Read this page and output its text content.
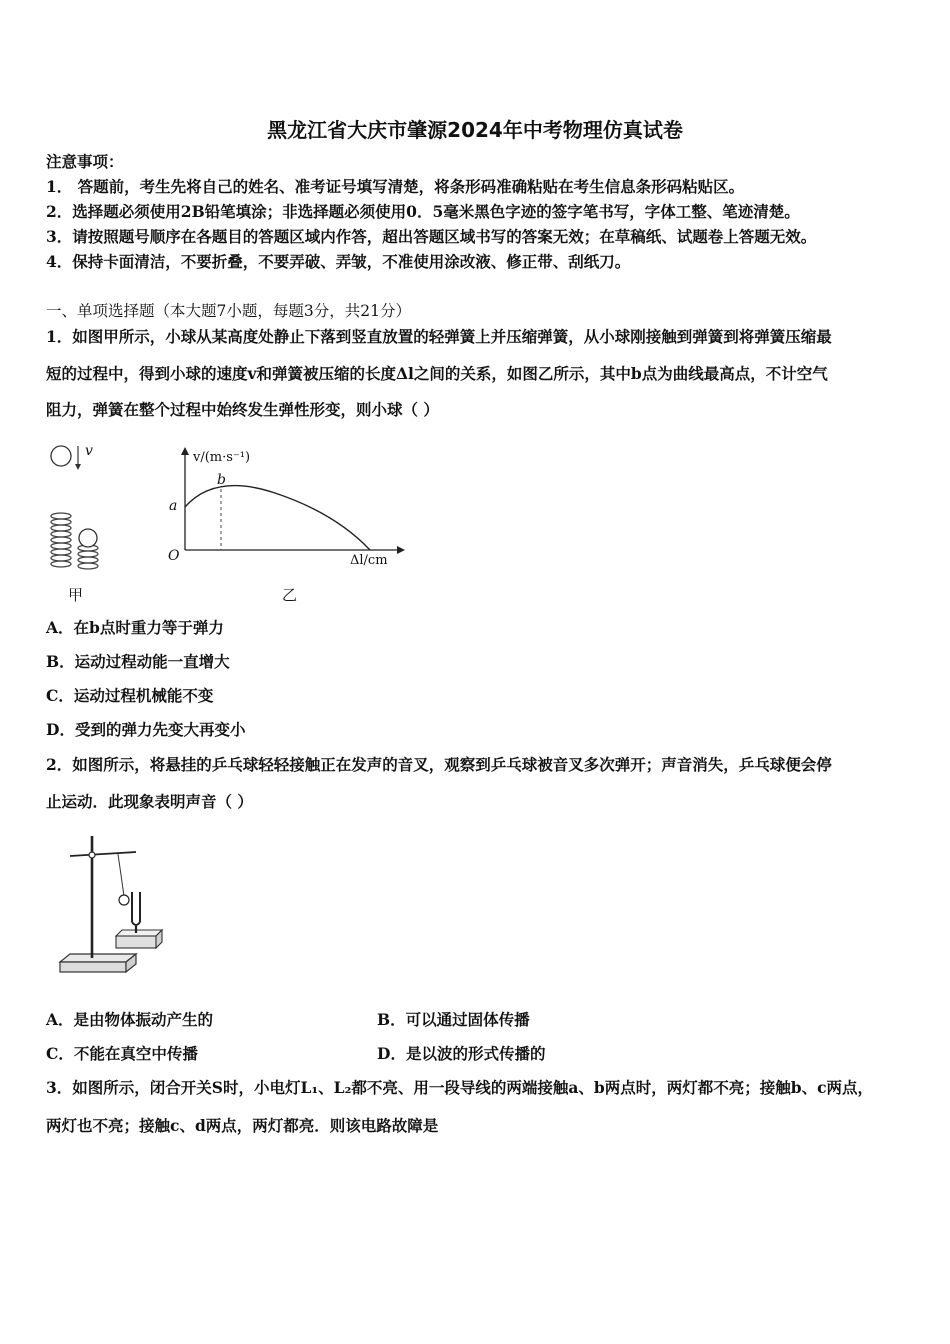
黑龙江省大庆市肇源2024年中考物理仿真试卷
注意事项：
1． 答题前，考生先将自己的姓名、准考证号填写清楚，将条形码准确粘贴在考生信息条形码粘贴区。
2．选择题必须使用2B铅笔填涂；非选择题必须使用0．5毫米黑色字迹的签字笔书写，字体工整、笔迹清楚。
3．请按照题号顺序在各题目的答题区域内作答，超出答题区域书写的答案无效；在草稿纸、试题卷上答题无效。
4．保持卡面清洁，不要折叠，不要弄破、弄皱，不准使用涂改液、修正带、刮纸刀。
一、单项选择题（本大题7小题，每题3分，共21分）
1．如图甲所示，小球从某高度处静止下落到竖直放置的轻弹簧上并压缩弹簧，从小球刚接触到弹簧到将弹簧压缩最
短的过程中，得到小球的速度v和弹簧被压缩的长度Δl之间的关系，如图乙所示，其中b点为曲线最高点，不计空气
阻力，弹簧在整个过程中始终发生弹性形变，则小球（ ）
v
甲
v/(m·s⁻¹)
Δl/cm
O
a
b
乙
A．在b点时重力等于弹力
B．运动过程动能一直增大
C．运动过程机械能不变
D．受到的弹力先变大再变小
2．如图所示，将悬挂的乒乓球轻轻接触正在发声的音叉，观察到乒乓球被音叉多次弹开；声音消失，乒乓球便会停
止运动．此现象表明声音（ ）
A．是由物体振动产生的	B．可以通过固体传播
C．不能在真空中传播	D．是以波的形式传播的
3．如图所示，闭合开关S时，小电灯L₁、L₂都不亮、用一段导线的两端接触a、b两点时，两灯都不亮；接触b、c两点，
两灯也不亮；接触c、d两点，两灯都亮．则该电路故障是
